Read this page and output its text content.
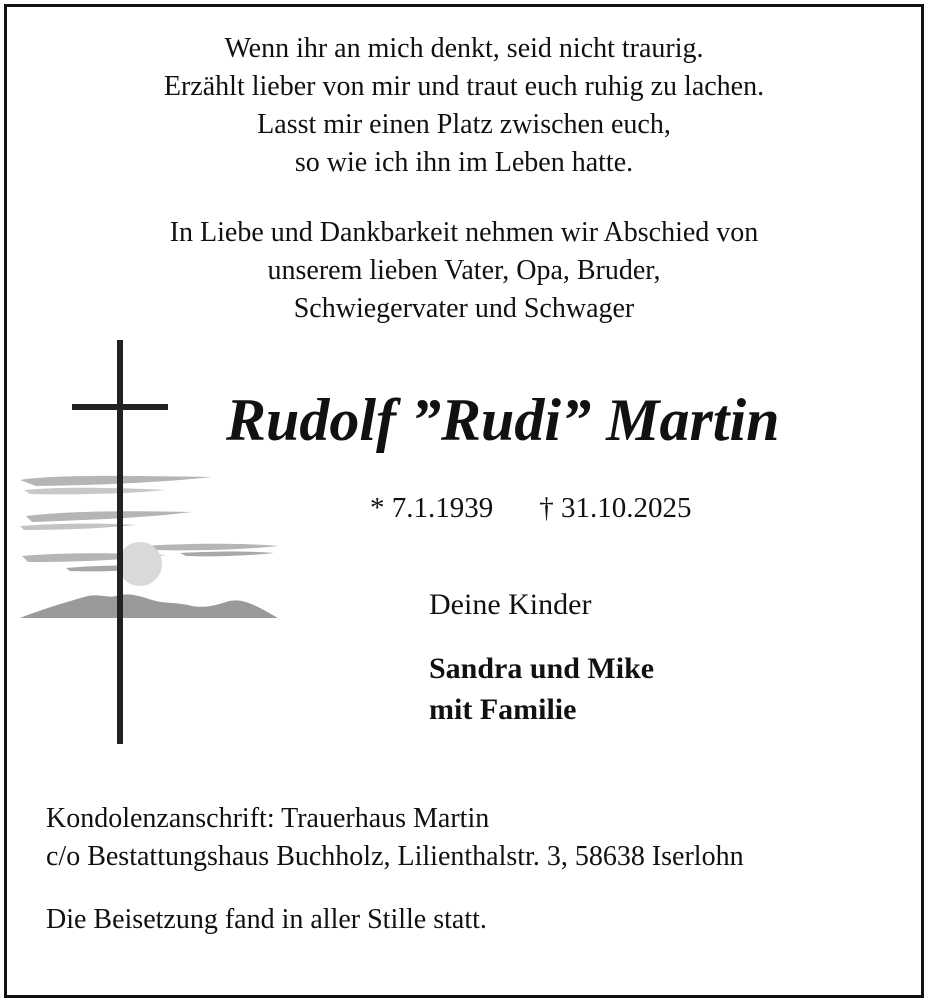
Wenn ihr an mich denkt, seid nicht traurig.
Erzählt lieber von mir und traut euch ruhig zu lachen.
Lasst mir einen Platz zwischen euch,
so wie ich ihn im Leben hatte.
In Liebe und Dankbarkeit nehmen wir Abschied von
unserem lieben Vater, Opa, Bruder,
Schwiegervater und Schwager
Rudolf ”Rudi” Martin
* 7.1.1939 † 31.10.2025
Deine Kinder
Sandra und Mike
mit Familie
Kondolenzanschrift: Trauerhaus Martin
c/o Bestattungshaus Buchholz, Lilienthalstr. 3, 58638 Iserlohn
Die Beisetzung fand in aller Stille statt.
